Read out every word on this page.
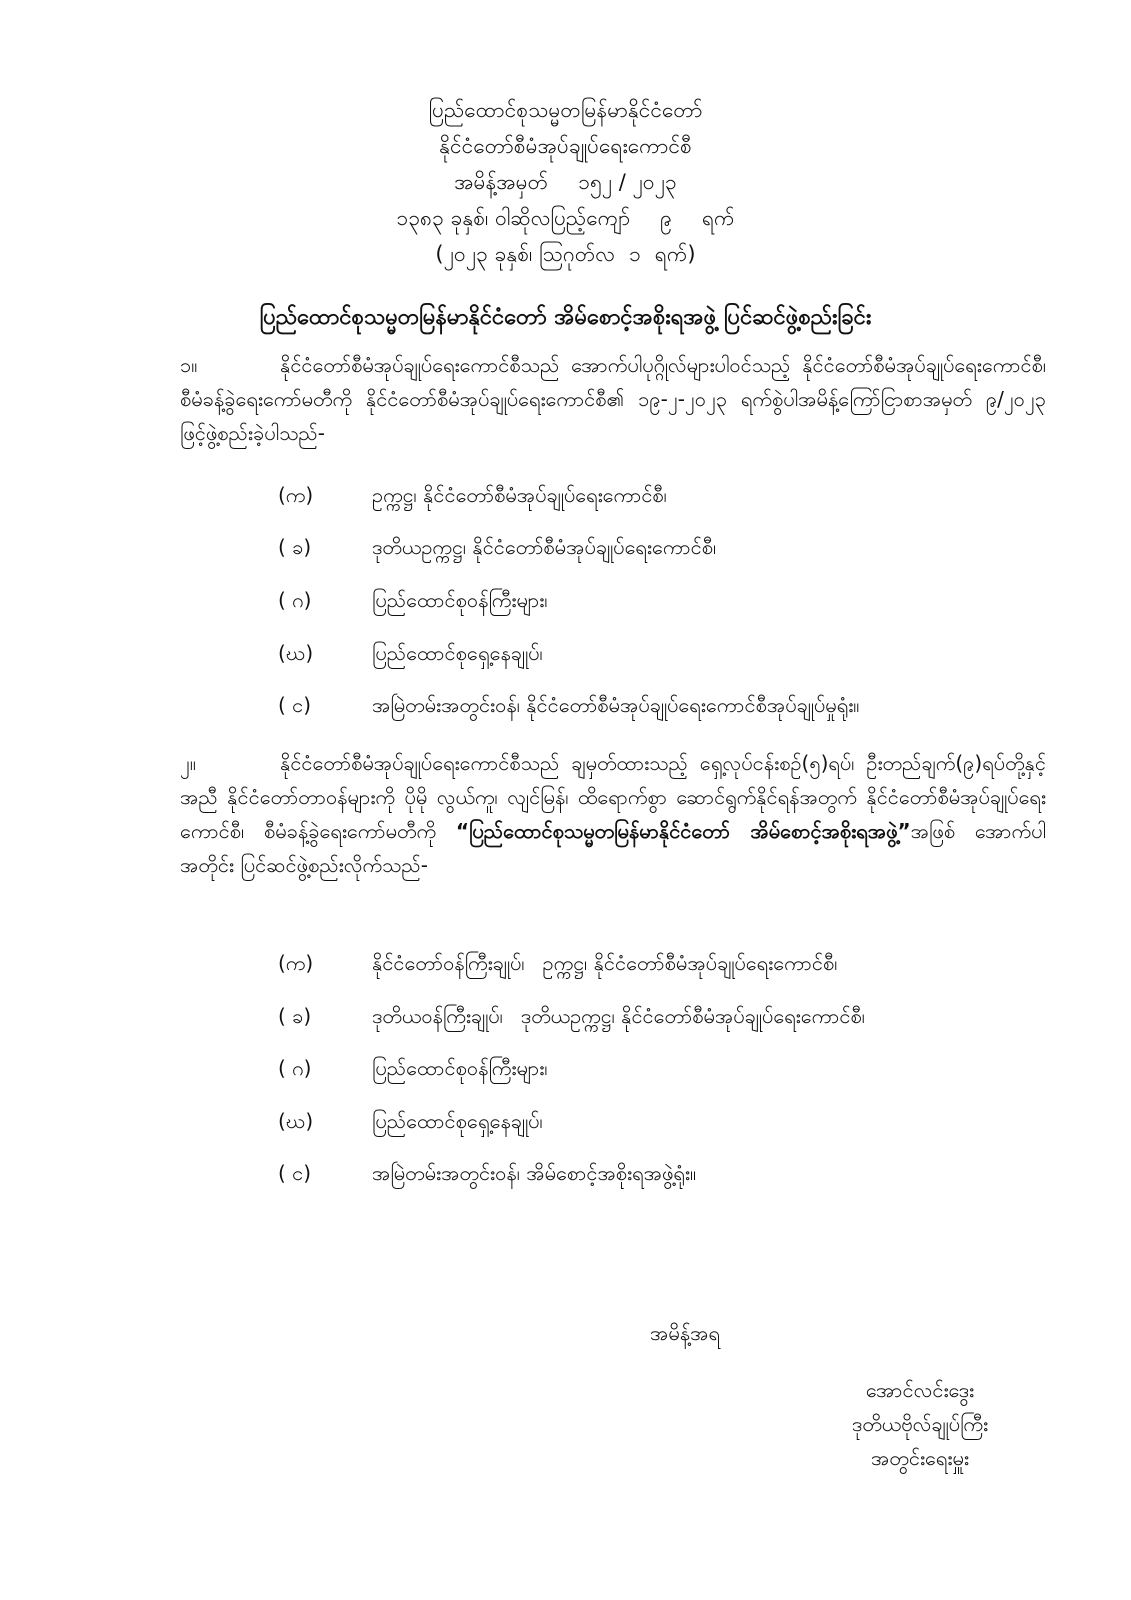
ပြည်ထောင်စုသမ္မတမြန်မာနိုင်ငံတော်
နိုင်ငံတော်စီမံအုပ်ချုပ်ရေးကောင်စီ
အမိန့်အမှတ် ၁၅၂ / ၂၀၂၃
၁၃၈၃ ခုနှစ်၊ ဝါဆိုလပြည့်ကျော် ၉ ရက်
(၂၀၂၃ ခုနှစ်၊ ဩဂုတ်လ ၁ ရက်)
ပြည်ထောင်စုသမ္မတမြန်မာနိုင်ငံတော် အိမ်စောင့်အစိုးရအဖွဲ့ ပြင်ဆင်ဖွဲ့စည်းခြင်း
၁။	နိုင်ငံတော်စီမံအုပ်ချုပ်ရေးကောင်စီသည် အောက်ပါပုဂ္ဂိုလ်များပါဝင်သည့် နိုင်ငံတော်စီမံအုပ်ချုပ်ရေးကောင်စီ၊ စီမံခန့်ခွဲရေးကော်မတီကို နိုင်ငံတော်စီမံအုပ်ချုပ်ရေးကောင်စီ၏ ၁၉-၂-၂၀၂၃ ရက်စွဲပါအမိန့်ကြော်ငြာစာအမှတ် ၉/၂၀၂၃ ဖြင့်ဖွဲ့စည်းခဲ့ပါသည်-
(က)	ဥက္ကဋ္ဌ၊ နိုင်ငံတော်စီမံအုပ်ချုပ်ရေးကောင်စီ၊
( ခ)	ဒုတိယဥက္ကဋ္ဌ၊ နိုင်ငံတော်စီမံအုပ်ချုပ်ရေးကောင်စီ၊
( ဂ)	ပြည်ထောင်စုဝန်ကြီးများ၊
(ဃ)	ပြည်ထောင်စုရှေ့နေချုပ်၊
( င)	အမြဲတမ်းအတွင်းဝန်၊ နိုင်ငံတော်စီမံအုပ်ချုပ်ရေးကောင်စီအုပ်ချုပ်မှုရုံး။
၂။	နိုင်ငံတော်စီမံအုပ်ချုပ်ရေးကောင်စီသည် ချမှတ်ထားသည့် ရှေ့လုပ်ငန်းစဉ်(၅)ရပ်၊ ဦးတည်ချက်(၉)ရပ်တို့နှင့်အညီ နိုင်ငံတော်တာဝန်များကို ပိုမို လွယ်ကူ၊ လျင်မြန်၊ ထိရောက်စွာ ဆောင်ရွက်နိုင်ရန်အတွက် နိုင်ငံတော်စီမံအုပ်ချုပ်ရေးကောင်စီ၊ စီမံခန့်ခွဲရေးကော်မတီကို “ပြည်ထောင်စုသမ္မတမြန်မာနိုင်ငံတော် အိမ်စောင့်အစိုးရအဖွဲ့”အဖြစ် အောက်ပါအတိုင်း ပြင်ဆင်ဖွဲ့စည်းလိုက်သည်-
(က)	နိုင်ငံတော်ဝန်ကြီးချုပ်၊ ဥက္ကဋ္ဌ၊ နိုင်ငံတော်စီမံအုပ်ချုပ်ရေးကောင်စီ၊
( ခ)	ဒုတိယဝန်ကြီးချုပ်၊ ဒုတိယဥက္ကဋ္ဌ၊ နိုင်ငံတော်စီမံအုပ်ချုပ်ရေးကောင်စီ၊
( ဂ)	ပြည်ထောင်စုဝန်ကြီးများ၊
(ဃ)	ပြည်ထောင်စုရှေ့နေချုပ်၊
( င)	အမြဲတမ်းအတွင်းဝန်၊ အိမ်စောင့်အစိုးရအဖွဲ့ရုံး။
အမိန့်အရ
အောင်လင်းဒွေး
ဒုတိယဗိုလ်ချုပ်ကြီး
အတွင်းရေးမှူး
